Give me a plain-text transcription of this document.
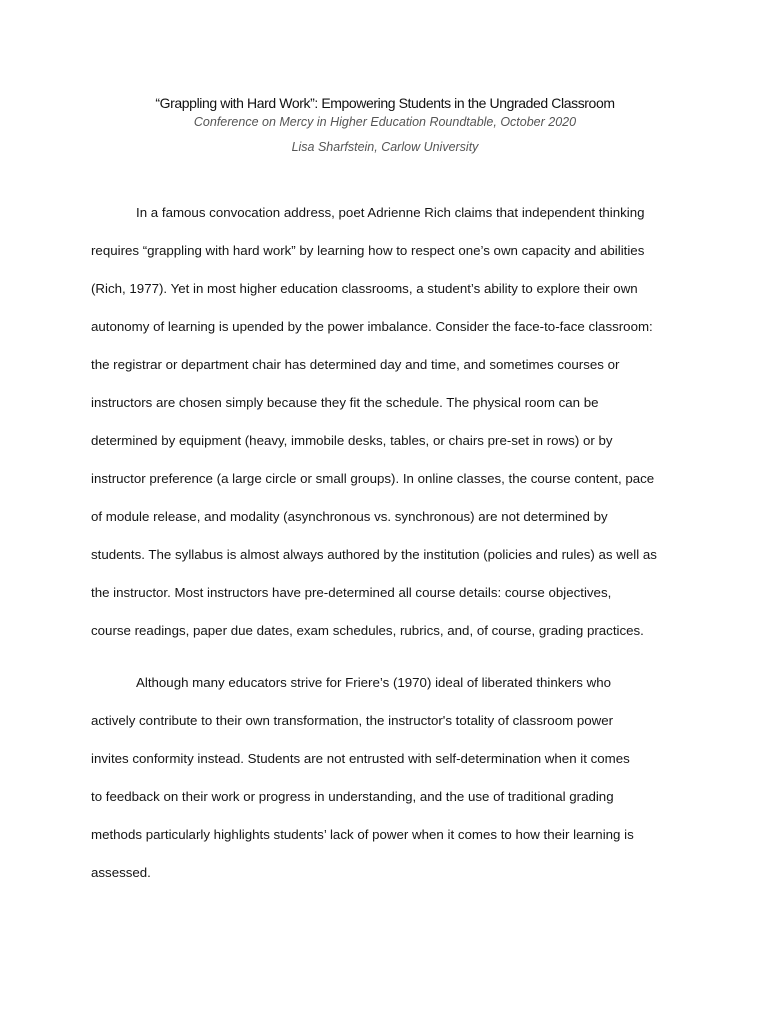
“Grappling with Hard Work”: Empowering Students in the Ungraded Classroom
Conference on Mercy in Higher Education Roundtable, October 2020
Lisa Sharfstein, Carlow University
In a famous convocation address, poet Adrienne Rich claims that independent thinking
requires “grappling with hard work” by learning how to respect one’s own capacity and abilities
(Rich, 1977). Yet in most higher education classrooms, a student’s ability to explore their own
autonomy of learning is upended by the power imbalance. Consider the face-to-face classroom:
the registrar or department chair has determined day and time, and sometimes courses or
instructors are chosen simply because they fit the schedule. The physical room can be
determined by equipment (heavy, immobile desks, tables, or chairs pre-set in rows) or by
instructor preference (a large circle or small groups). In online classes, the course content, pace
of module release, and modality (asynchronous vs. synchronous) are not determined by
students. The syllabus is almost always authored by the institution (policies and rules) as well as
the instructor. Most instructors have pre-determined all course details: course objectives,
course readings, paper due dates, exam schedules, rubrics, and, of course, grading practices.
Although many educators strive for Friere’s (1970) ideal of liberated thinkers who
actively contribute to their own transformation, the instructor's totality of classroom power
invites conformity instead. Students are not entrusted with self-determination when it comes
to feedback on their work or progress in understanding, and the use of traditional grading
methods particularly highlights students’ lack of power when it comes to how their learning is
assessed.
